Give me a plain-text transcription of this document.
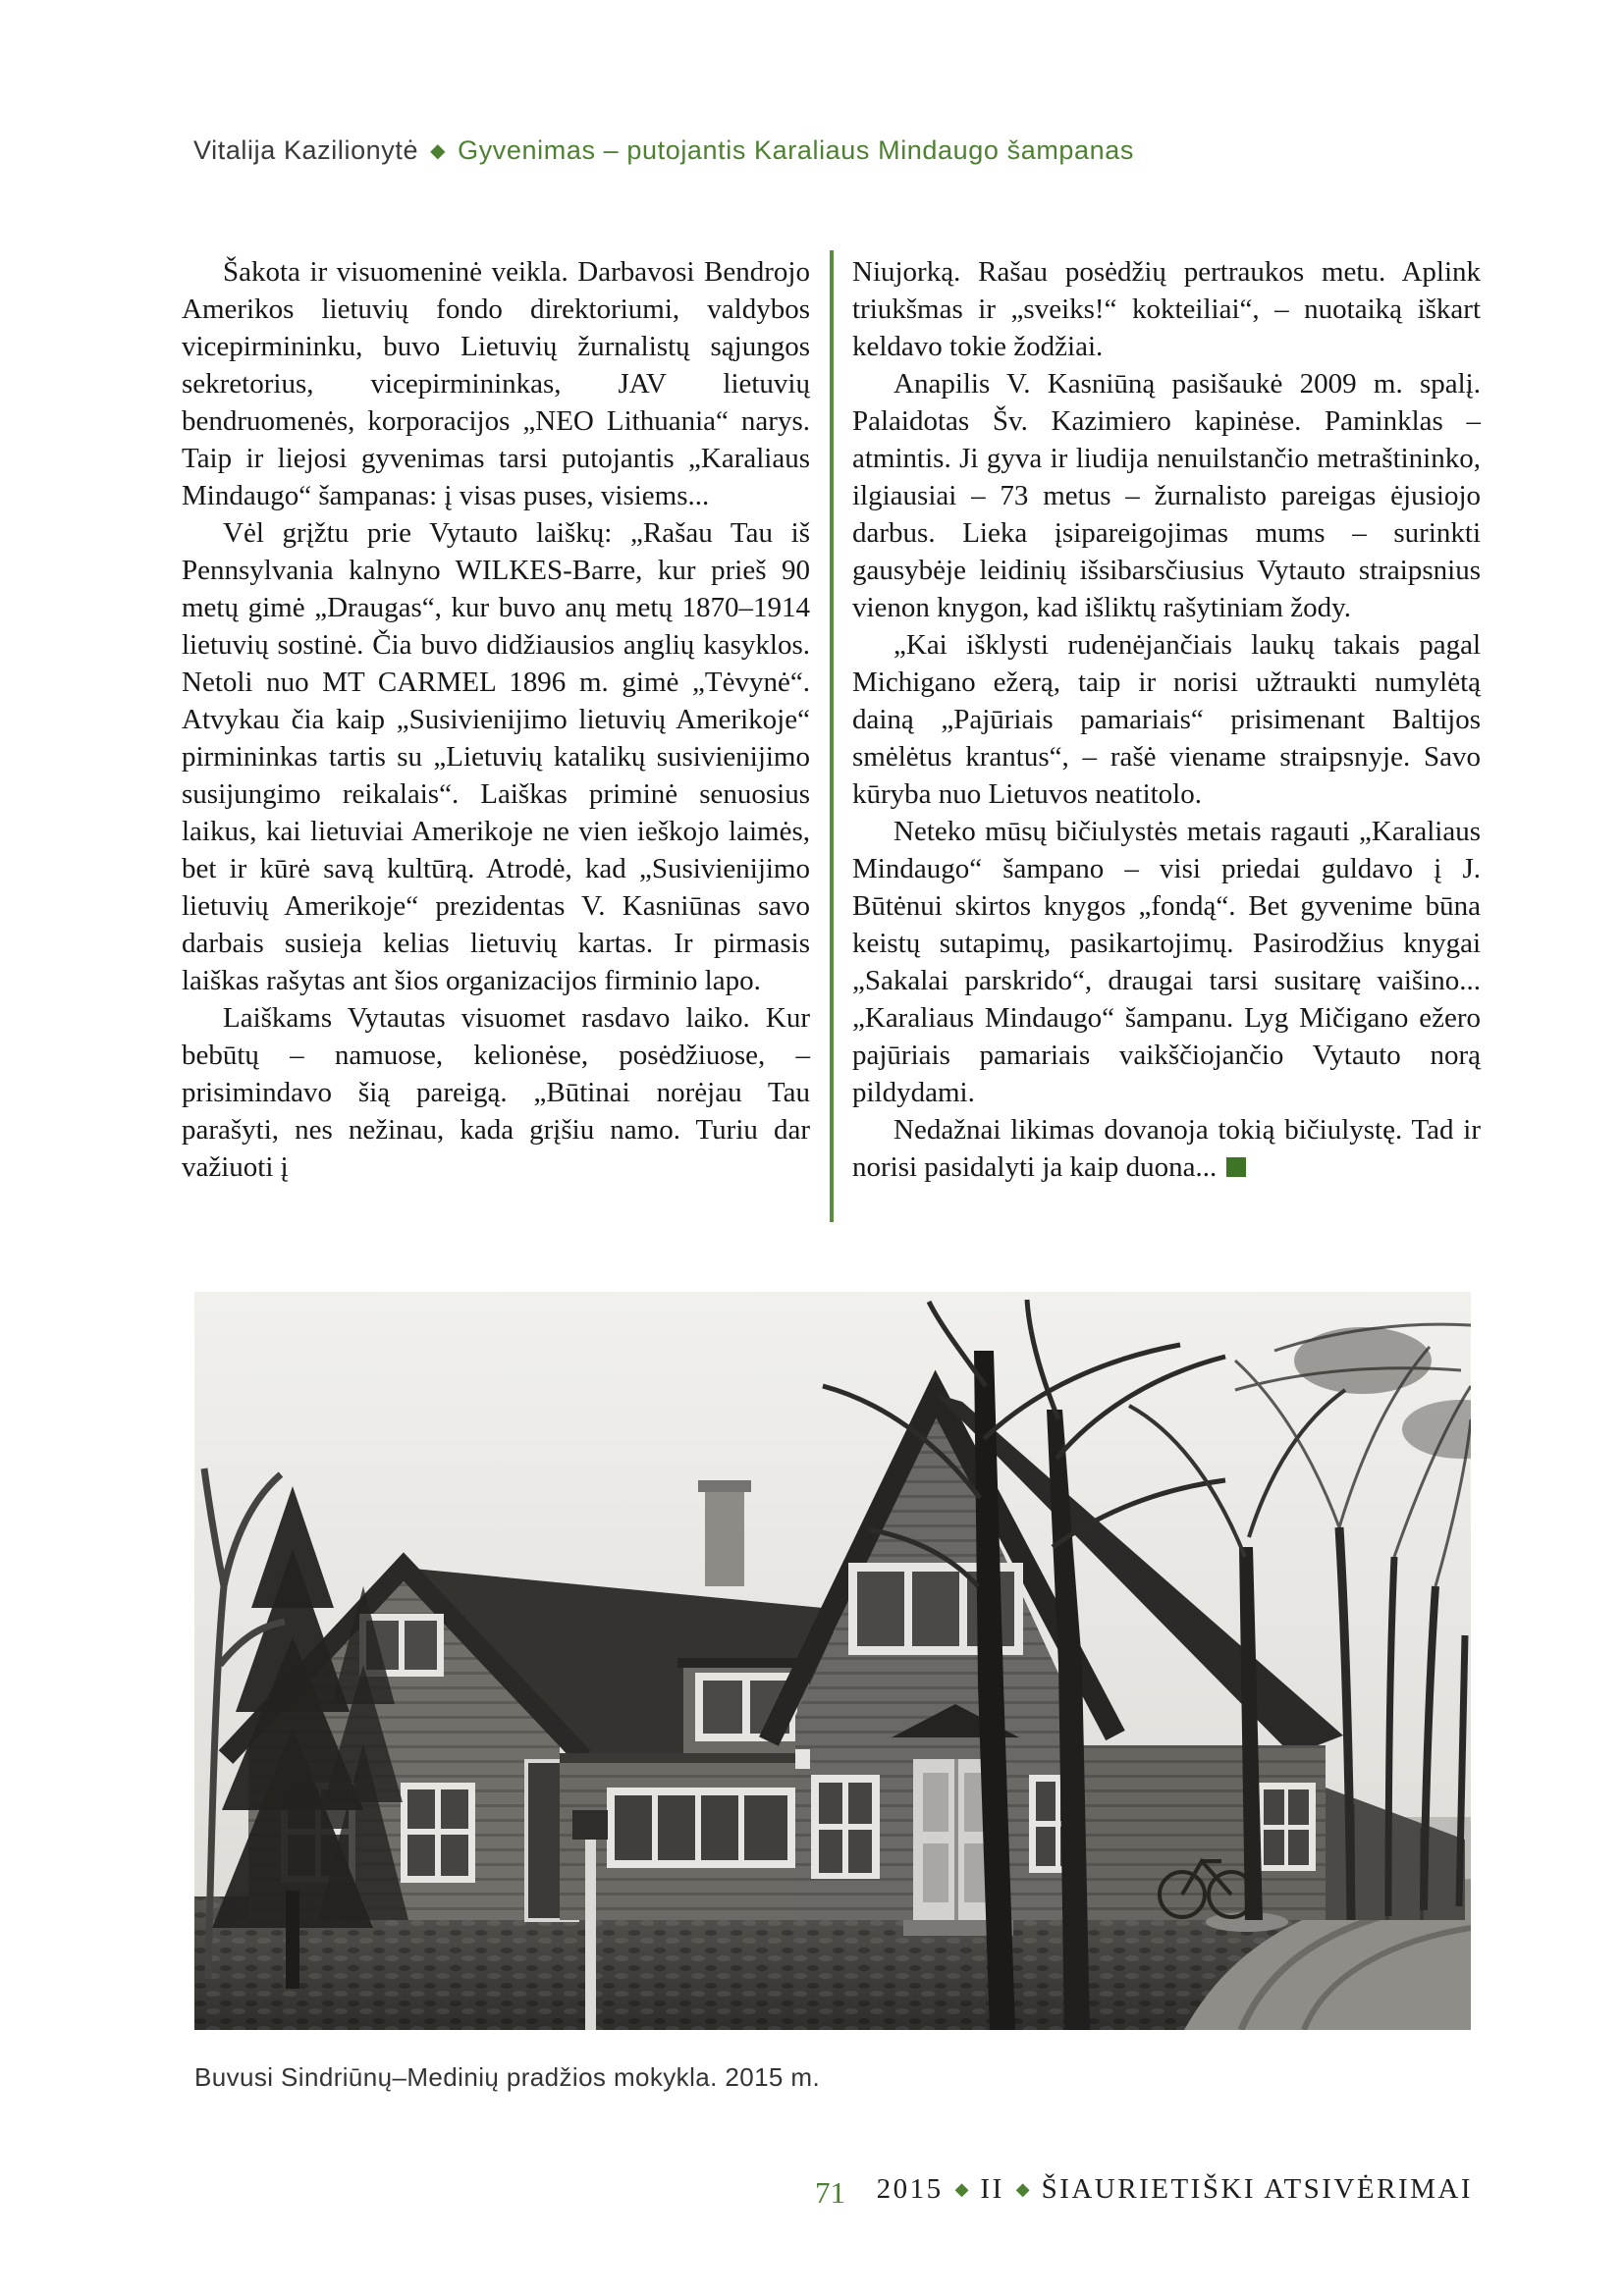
Vitalija Kazilionytė ◆ Gyvenimas – putojantis Karaliaus Mindaugo šampanas

Šakota ir visuomeninė veikla. Darbavosi Bendrojo Amerikos lietuvių fondo direktoriumi, valdybos vicepirmininku, buvo Lietuvių žurnalistų sąjungos sekretorius, vicepirmininkas, JAV lietuvių bendruomenės, korporacijos „NEO Lithuania“ narys. Taip ir liejosi gyvenimas tarsi putojantis „Karaliaus Mindaugo“ šampanas: į visas puses, visiems...

Vėl grįžtu prie Vytauto laiškų: „Rašau Tau iš Pennsylvania kalnyno WILKES-Barre, kur prieš 90 metų gimė „Draugas“, kur buvo anų metų 1870–1914 lietuvių sostinė. Čia buvo didžiausios anglių kasyklos. Netoli nuo MT CARMEL 1896 m. gimė „Tėvynė“. Atvykau čia kaip „Susivienijimo lietuvių Amerikoje“ pirmininkas tartis su „Lietuvių katalikų susivienijimo susijungimo reikalais“. Laiškas priminė senuosius laikus, kai lietuviai Amerikoje ne vien ieškojo laimės, bet ir kūrė savą kultūrą. Atrodė, kad „Susivienijimo lietuvių Amerikoje“ prezidentas V. Kasniūnas savo darbais susieja kelias lietuvių kartas. Ir pirmasis laiškas rašytas ant šios organizacijos firminio lapo.

Laiškams Vytautas visuomet rasdavo laiko. Kur bebūtų – namuose, kelionėse, posėdžiuose, – prisimindavo šią pareigą. „Būtinai norėjau Tau parašyti, nes nežinau, kada grįšiu namo. Turiu dar važiuoti į

Niujorką. Rašau posėdžių pertraukos metu. Aplink triukšmas ir „sveiks!“ kokteiliai“, – nuotaiką iškart keldavo tokie žodžiai.

Anapilis V. Kasniūną pasišaukė 2009 m. spalį. Palaidotas Šv. Kazimiero kapinėse. Paminklas – atmintis. Ji gyva ir liudija nenuilstančio metraštininko, ilgiausiai – 73 metus – žurnalisto pareigas ėjusiojo darbus. Lieka įsipareigojimas mums – surinkti gausybėje leidinių išsibarsčiusius Vytauto straipsnius vienon knygon, kad išliktų rašytiniam žody.

„Kai išklysti rudenėjančiais laukų takais pagal Michigano ežerą, taip ir norisi užtraukti numylėtą dainą „Pajūriais pamariais“ prisimenant Baltijos smėlėtus krantus“, – rašė viename straipsnyje. Savo kūryba nuo Lietuvos neatitolo.

Neteko mūsų bičiulystės metais ragauti „Karaliaus Mindaugo“ šampano – visi priedai guldavo į J. Būtėnui skirtos knygos „fondą“. Bet gyvenime būna keistų sutapimų, pasikartojimų. Pasirodžius knygai „Sakalai parskrido“, draugai tarsi susitarę vaišino... „Karaliaus Mindaugo“ šampanu. Lyg Mičigano ežero pajūriais pamariais vaikščiojančio Vytauto norą pildydami.

Nedažnai likimas dovanoja tokią bičiulystę. Tad ir norisi pasidalyti ja kaip duona...

Buvusi Sindriūnų–Medinių pradžios mokykla. 2015 m.
71 2015 ◆ II ◆ ŠIAURIETIŠKI ATSIVĖRIMAI
